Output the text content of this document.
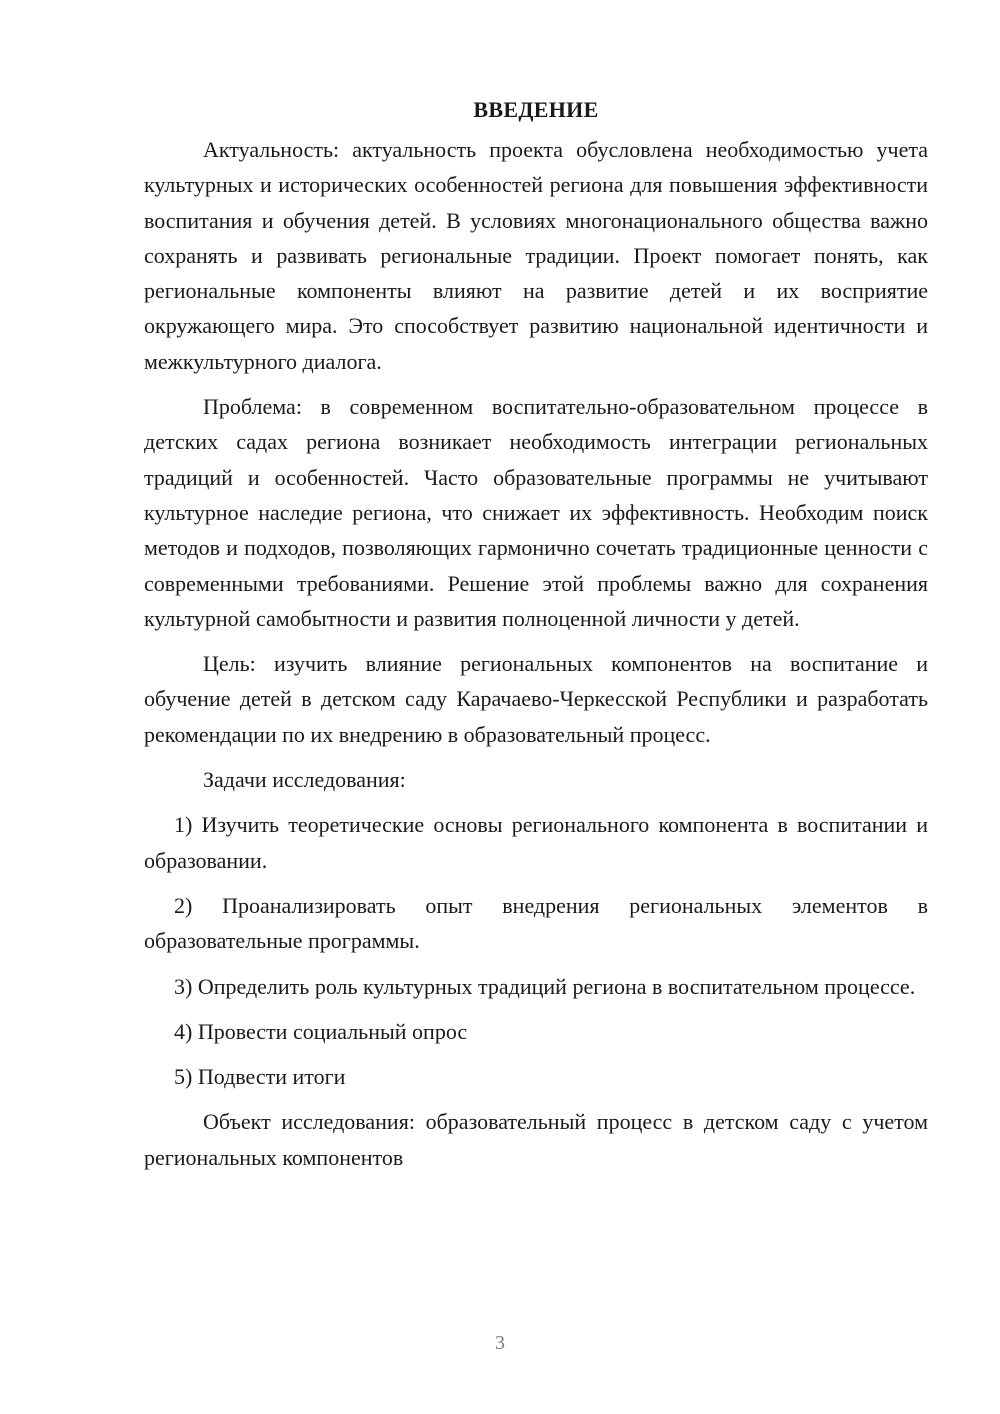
ВВЕДЕНИЕ

Актуальность: актуальность проекта обусловлена необходимостью учета культурных и исторических особенностей региона для повышения эффективности воспитания и обучения детей. В условиях многонационального общества важно сохранять и развивать региональные традиции. Проект помогает понять, как региональные компоненты влияют на развитие детей и их восприятие окружающего мира. Это способствует развитию национальной идентичности и межкультурного диалога.

Проблема: в современном воспитательно-образовательном процессе в детских садах региона возникает необходимость интеграции региональных традиций и особенностей. Часто образовательные программы не учитывают культурное наследие региона, что снижает их эффективность. Необходим поиск методов и подходов, позволяющих гармонично сочетать традиционные ценности с современными требованиями. Решение этой проблемы важно для сохранения культурной самобытности и развития полноценной личности у детей.

Цель: изучить влияние региональных компонентов на воспитание и обучение детей в детском саду Карачаево-Черкесской Республики и разработать рекомендации по их внедрению в образовательный процесс.

Задачи исследования:

1) Изучить теоретические основы регионального компонента в воспитании и образовании.

2) Проанализировать опыт внедрения региональных элементов в образовательные программы.

3) Определить роль культурных традиций региона в воспитательном процессе.

4) Провести социальный опрос

5) Подвести итоги

Объект исследования: образовательный процесс в детском саду с учетом региональных компонентов

3
